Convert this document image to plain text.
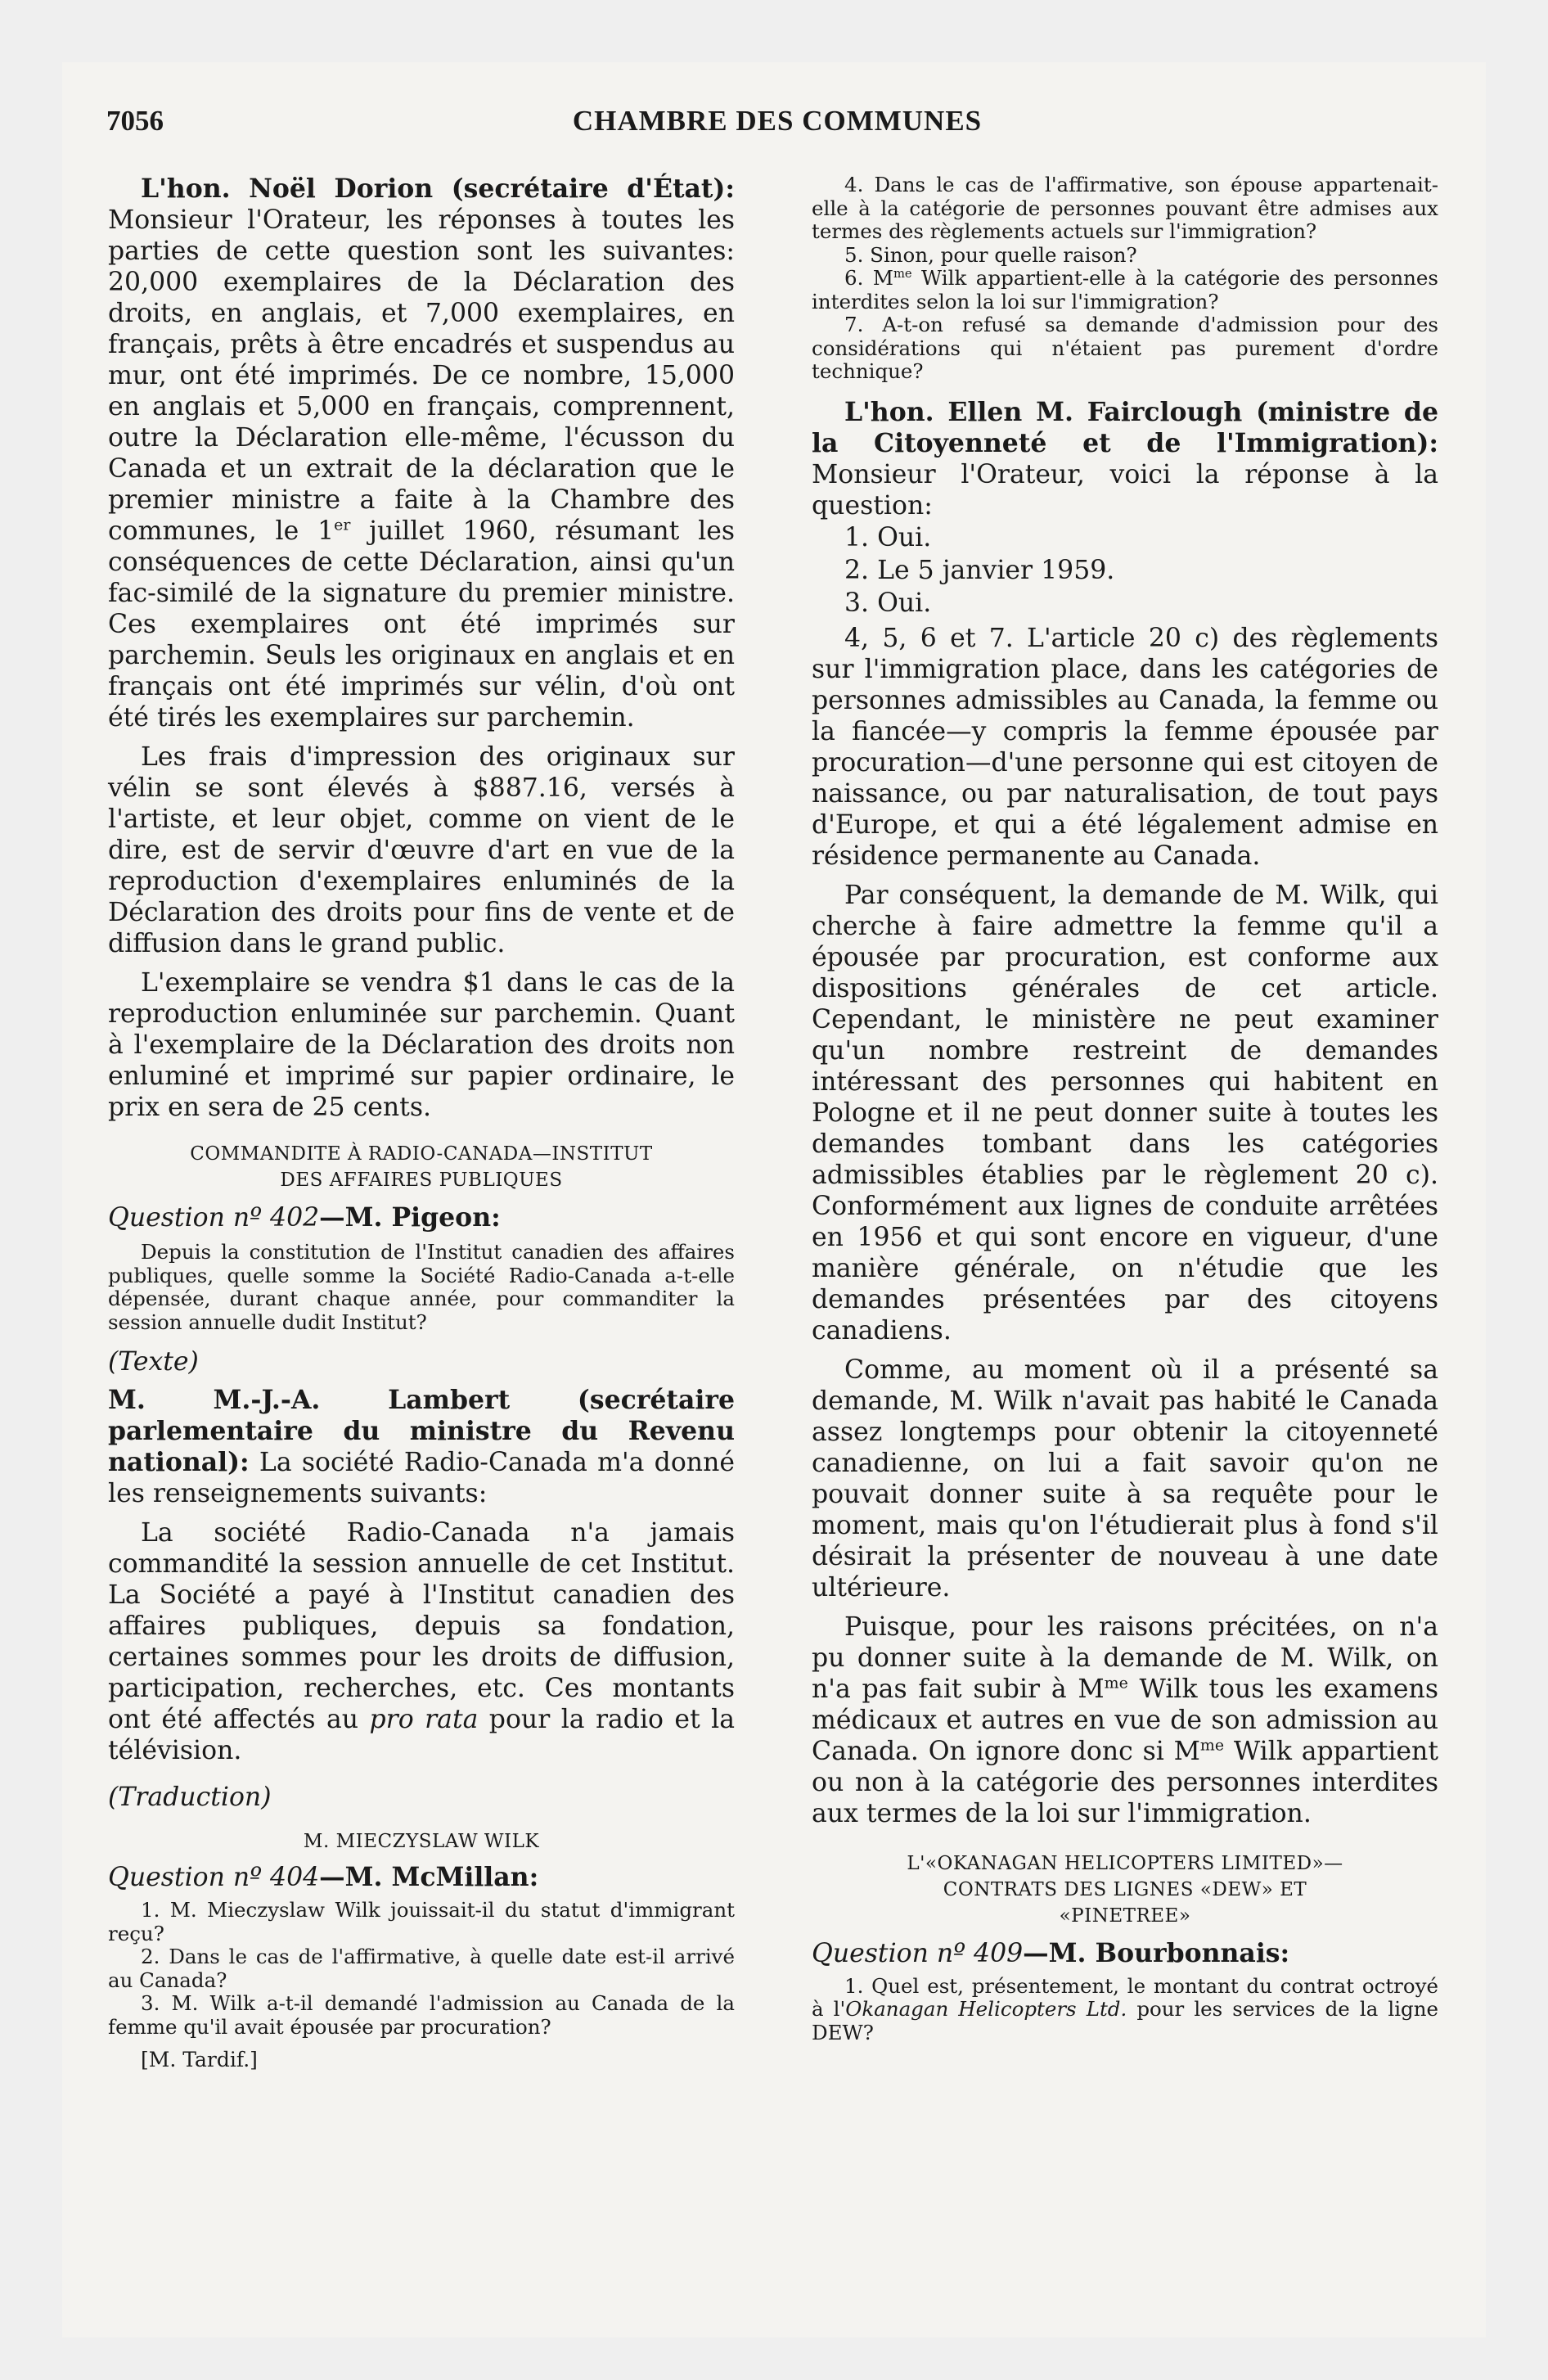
7056	CHAMBRE DES COMMUNES

L'hon. Noël Dorion (secrétaire d'État): Monsieur l'Orateur, les réponses à toutes les parties de cette question sont les suivantes: 20,000 exemplaires de la Déclaration des droits, en anglais, et 7,000 exemplaires, en français, prêts à être encadrés et suspendus au mur, ont été imprimés. De ce nombre, 15,000 en anglais et 5,000 en français, comprennent, outre la Déclaration elle-même, l'écusson du Canada et un extrait de la déclaration que le premier ministre a faite à la Chambre des communes, le 1er juillet 1960, résumant les conséquences de cette Déclaration, ainsi qu'un fac-similé de la signature du premier ministre. Ces exemplaires ont été imprimés sur parchemin. Seuls les originaux en anglais et en français ont été imprimés sur vélin, d'où ont été tirés les exemplaires sur parchemin.

Les frais d'impression des originaux sur vélin se sont élevés à $887.16, versés à l'artiste, et leur objet, comme on vient de le dire, est de servir d'œuvre d'art en vue de la reproduction d'exemplaires enluminés de la Déclaration des droits pour fins de vente et de diffusion dans le grand public.

L'exemplaire se vendra $1 dans le cas de la reproduction enluminée sur parchemin. Quant à l'exemplaire de la Déclaration des droits non enluminé et imprimé sur papier ordinaire, le prix en sera de 25 cents.

COMMANDITE À RADIO-CANADA—INSTITUT
DES AFFAIRES PUBLIQUES

Question nº 402—M. Pigeon:

Depuis la constitution de l'Institut canadien des affaires publiques, quelle somme la Société Radio-Canada a-t-elle dépensée, durant chaque année, pour commanditer la session annuelle dudit Institut?

(Texte)

M. M.-J.-A. Lambert (secrétaire parlementaire du ministre du Revenu national): La société Radio-Canada m'a donné les renseignements suivants:

La société Radio-Canada n'a jamais commandité la session annuelle de cet Institut. La Société a payé à l'Institut canadien des affaires publiques, depuis sa fondation, certaines sommes pour les droits de diffusion, participation, recherches, etc. Ces montants ont été affectés au pro rata pour la radio et la télévision.

(Traduction)

M. MIECZYSLAW WILK

Question nº 404—M. McMillan:

1. M. Mieczyslaw Wilk jouissait-il du statut d'immigrant reçu?

2. Dans le cas de l'affirmative, à quelle date est-il arrivé au Canada?

3. M. Wilk a-t-il demandé l'admission au Canada de la femme qu'il avait épousée par procuration?

[M. Tardif.]

4. Dans le cas de l'affirmative, son épouse appartenait-elle à la catégorie de personnes pouvant être admises aux termes des règlements actuels sur l'immigration?

5. Sinon, pour quelle raison?

6. $M^{me}$ Wilk appartient-elle à la catégorie des personnes interdites selon la loi sur l'immigration?

7. A-t-on refusé sa demande d'admission pour des considérations qui n'étaient pas purement d'ordre technique?

L'hon. Ellen M. Fairclough (ministre de la Citoyenneté et de l'Immigration): Monsieur l'Orateur, voici la réponse à la question:

1. Oui.

2. Le 5 janvier 1959.

3. Oui.

4, 5, 6 et 7. L'article 20 c) des règlements sur l'immigration place, dans les catégories de personnes admissibles au Canada, la femme ou la fiancée—y compris la femme épousée par procuration—d'une personne qui est citoyen de naissance, ou par naturalisation, de tout pays d'Europe, et qui a été légalement admise en résidence permanente au Canada.

Par conséquent, la demande de M. Wilk, qui cherche à faire admettre la femme qu'il a épousée par procuration, est conforme aux dispositions générales de cet article. Cependant, le ministère ne peut examiner qu'un nombre restreint de demandes intéressant des personnes qui habitent en Pologne et il ne peut donner suite à toutes les demandes tombant dans les catégories admissibles établies par le règlement 20 c). Conformément aux lignes de conduite arrêtées en 1956 et qui sont encore en vigueur, d'une manière générale, on n'étudie que les demandes présentées par des citoyens canadiens.

Comme, au moment où il a présenté sa demande, M. Wilk n'avait pas habité le Canada assez longtemps pour obtenir la citoyenneté canadienne, on lui a fait savoir qu'on ne pouvait donner suite à sa requête pour le moment, mais qu'on l'étudierait plus à fond s'il désirait la présenter de nouveau à une date ultérieure.

Puisque, pour les raisons précitées, on n'a pu donner suite à la demande de M. Wilk, on n'a pas fait subir à $M^{me}$ Wilk tous les examens médicaux et autres en vue de son admission au Canada. On ignore donc si $M^{me}$ Wilk appartient ou non à la catégorie des personnes interdites aux termes de la loi sur l'immigration.

L'«OKANAGAN HELICOPTERS LIMITED»—
CONTRATS DES LIGNES «DEW» ET
«PINETREE»

Question nº 409—M. Bourbonnais:

1. Quel est, présentement, le montant du contrat octroyé à l'Okanagan Helicopters Ltd. pour les services de la ligne DEW?
